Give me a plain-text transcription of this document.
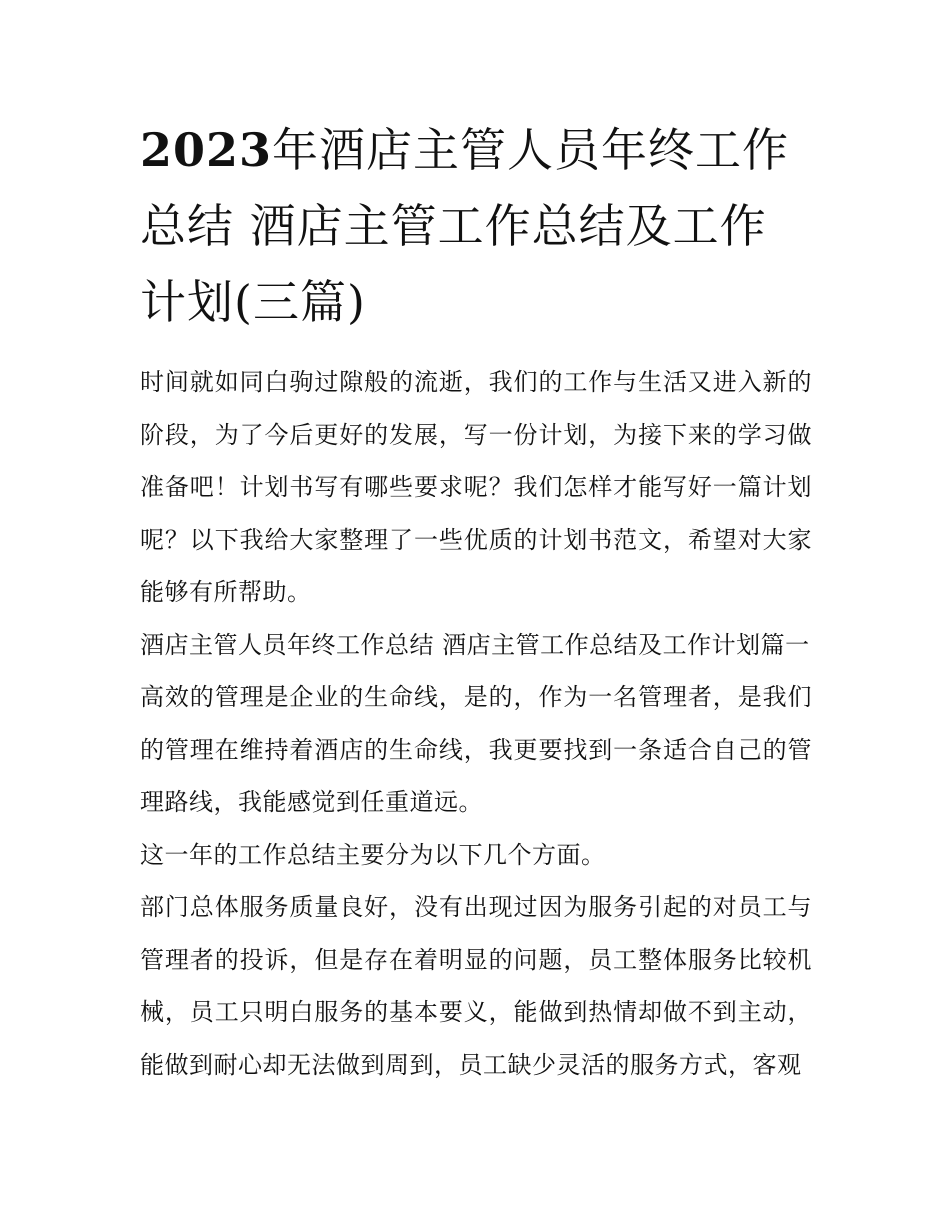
2023年酒店主管人员年终工作总结 酒店主管工作总结及工作计划(三篇)

时间就如同白驹过隙般的流逝，我们的工作与生活又进入新的阶段，为了今后更好的发展，写一份计划，为接下来的学习做准备吧！计划书写有哪些要求呢？我们怎样才能写好一篇计划呢？以下我给大家整理了一些优质的计划书范文，希望对大家能够有所帮助。

酒店主管人员年终工作总结 酒店主管工作总结及工作计划篇一

高效的管理是企业的生命线，是的，作为一名管理者，是我们的管理在维持着酒店的生命线，我更要找到一条适合自己的管理路线，我能感觉到任重道远。

这一年的工作总结主要分为以下几个方面。

部门总体服务质量良好，没有出现过因为服务引起的对员工与管理者的投诉，但是存在着明显的问题，员工整体服务比较机械，员工只明白服务的基本要义，能做到热情却做不到主动，能做到耐心却无法做到周到，员工缺少灵活的服务方式，客观
